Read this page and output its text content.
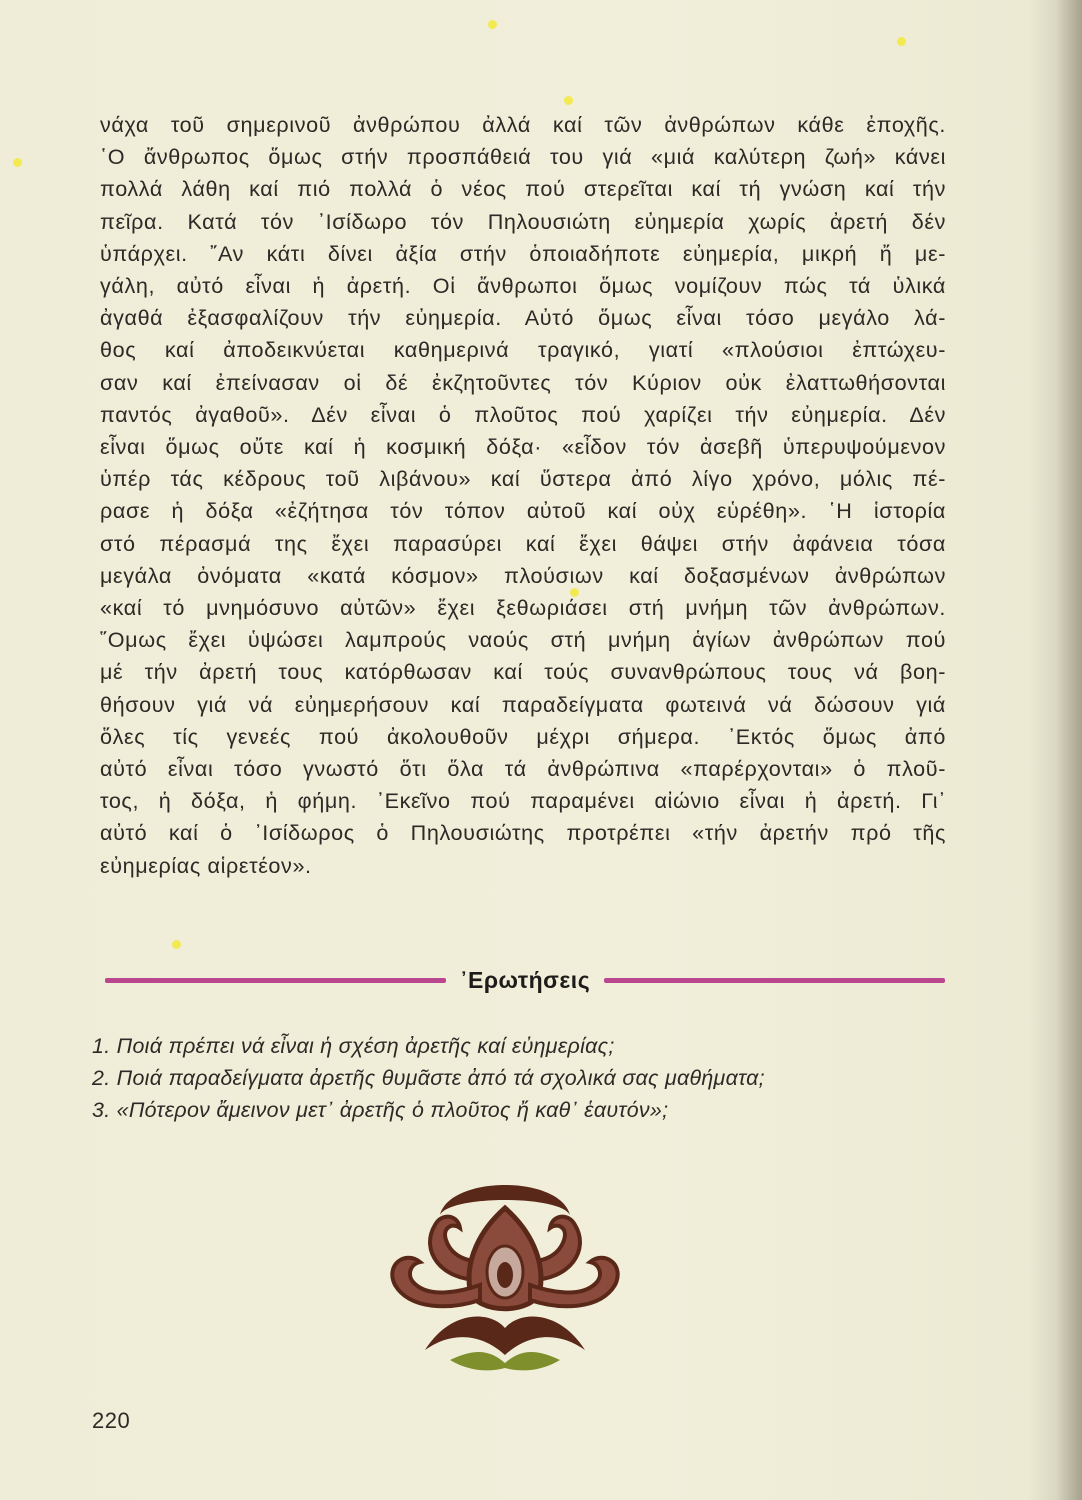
νάχα τοῦ σημερινοῦ ἀνθρώπου ἀλλά καί τῶν ἀνθρώπων κάθε ἐποχῆς.
῾Ο ἄνθρωπος ὅμως στήν προσπάθειά του γιά «μιά καλύτερη ζωή» κάνει
πολλά λάθη καί πιό πολλά ὁ νέος πού στερεῖται καί τή γνώση καί τήν
πεῖρα. Κατά τόν ᾿Ισίδωρο τόν Πηλουσιώτη εὐημερία χωρίς ἀρετή δέν
ὑπάρχει. ῎Αν κάτι δίνει ἀξία στήν ὁποιαδήποτε εὐημερία, μικρή ἤ με-
γάλη, αὐτό εἶναι ἡ ἀρετή. Οἱ ἄνθρωποι ὅμως νομίζουν πώς τά ὑλικά
ἀγαθά ἐξασφαλίζουν τήν εὐημερία. Αὐτό ὅμως εἶναι τόσο μεγάλο λά-
θος καί ἀποδεικνύεται καθημερινά τραγικό, γιατί «πλούσιοι ἐπτώχευ-
σαν καί ἐπείνασαν οἱ δέ ἐκζητοῦντες τόν Κύριον οὐκ ἐλαττωθήσονται
παντός ἀγαθοῦ». Δέν εἶναι ὁ πλοῦτος πού χαρίζει τήν εὐημερία. Δέν
εἶναι ὅμως οὔτε καί ἡ κοσμική δόξα· «εἶδον τόν ἀσεβῆ ὑπερυψούμενον
ὑπέρ τάς κέδρους τοῦ λιβάνου» καί ὕστερα ἀπό λίγο χρόνο, μόλις πέ-
ρασε ἡ δόξα «ἐζήτησα τόν τόπον αὐτοῦ καί οὐχ εὑρέθη». ῾Η ἱστορία
στό πέρασμά της ἔχει παρασύρει καί ἔχει θάψει στήν ἀφάνεια τόσα
μεγάλα ὀνόματα «κατά κόσμον» πλούσιων καί δοξασμένων ἀνθρώπων
«καί τό μνημόσυνο αὐτῶν» ἔχει ξεθωριάσει στή μνήμη τῶν ἀνθρώπων.
῞Ομως ἔχει ὑψώσει λαμπρούς ναούς στή μνήμη ἁγίων ἀνθρώπων πού
μέ τήν ἀρετή τους κατόρθωσαν καί τούς συνανθρώπους τους νά βοη-
θήσουν γιά νά εὐημερήσουν καί παραδείγματα φωτεινά νά δώσουν γιά
ὅλες τίς γενεές πού ἀκολουθοῦν μέχρι σήμερα. ᾿Εκτός ὅμως ἀπό
αὐτό εἶναι τόσο γνωστό ὅτι ὅλα τά ἀνθρώπινα «παρέρχονται» ὁ πλοῦ-
τος, ἡ δόξα, ἡ φήμη. ᾿Εκεῖνο πού παραμένει αἰώνιο εἶναι ἡ ἀρετή. Γι᾿
αὐτό καί ὁ ᾿Ισίδωρος ὁ Πηλουσιώτης προτρέπει «τήν ἀρετήν πρό τῆς
εὐημερίας αἱρετέον».
᾿Ερωτήσεις
1. Ποιά πρέπει νά εἶναι ἡ σχέση ἀρετῆς καί εὐημερίας;
2. Ποιά παραδείγματα ἀρετῆς θυμᾶστε ἀπό τά σχολικά σας μαθήματα;
3. «Πότερον ἄμεινον μετ᾿ ἀρετῆς ὁ πλοῦτος ἤ καθ᾿ ἑαυτόν»;
220
